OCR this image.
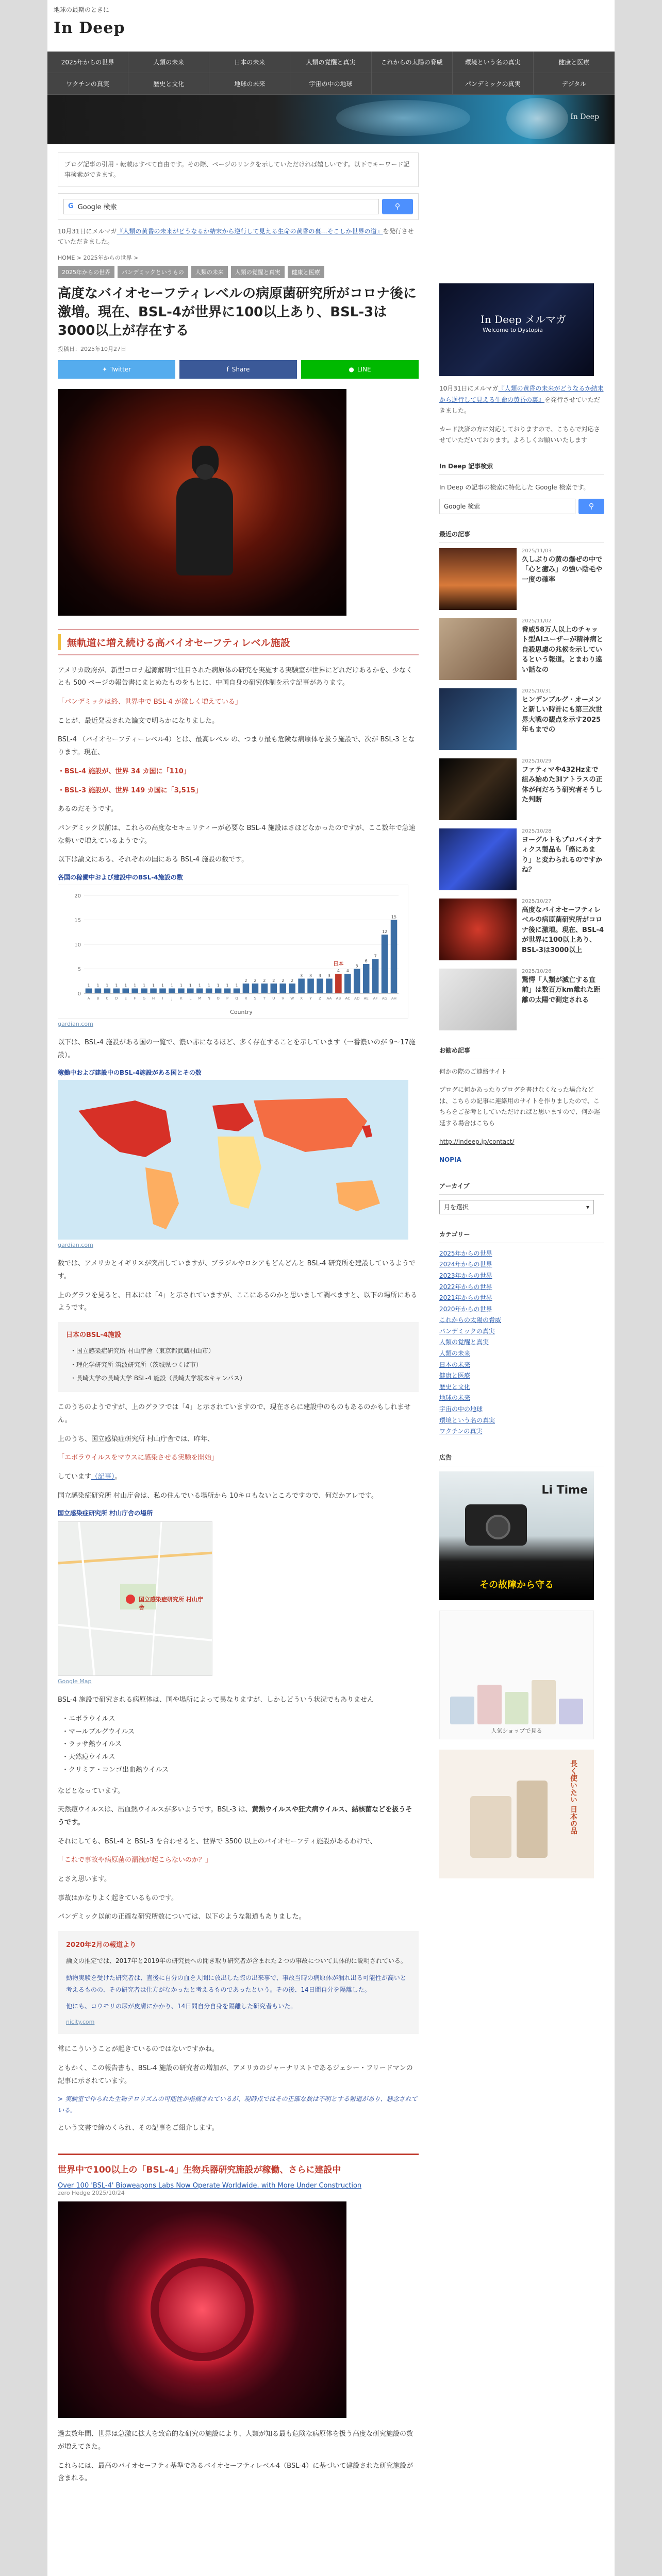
地球の最期のときに
In Deep
2025年からの世界	人類の未来	日本の未来	人類の覚醒と真実	これからの太陽の脅威	環境という名の真実	健康と医療
ワクチンの真実	歴史と文化	地球の未来	宇宙の中の地球	パンデミックの真実	デジタル
In Deep
ブログ記事の引用・転載はすべて自由です。その際、ページのリンクを示していただければ嬉しいです。以下でキーワード記事検索ができます。
G Google 検索	⚲
10月31日にメルマガ『人類の黄昏の未来がどうなるか結末から逆行して見える生命の黄昏の裏…そこしか世界の道』を発行させていただきました。
HOME > 2025年からの世界 >
2025年からの世界	パンデミックというもの	人類の未来	人類の覚醒と真実	健康と医療
高度なバイオセーフティレベルの病原菌研究所がコロナ後に激増。現在、BSL-4が世界に100以上あり、BSL-3は3000以上が存在する
投稿日：2025年10月27日
✦ Twitter	f Share	● LINE
無軌道に増え続ける高バイオセーフティレベル施設

アメリカ政府が、新型コロナ起源解明で注目された病原体の研究を実施する実験室が世界にどれだけあるかを、少なくとも 500 ページの報告書にまとめたものをもとに、中国自身の研究体制を示す記事があります。

「パンデミックは終、世界中で BSL-4 が激しく増えている」

ことが、最近発表された論文で明らかになりました。

BSL-4 （バイオセーフティーレベル4）とは、最高レベル の、つまり最も危険な病原体を扱う施設で、次が BSL-3 となります。現在、

・BSL-4 施設が、世界 34 カ国に「110」

・BSL-3 施設が、世界 149 カ国に「3,515」

あるのだそうです。

パンデミック以前は、これらの高度なセキュリティーが必要な BSL-4 施設はさほどなかったのですが、ここ数年で急速な勢いで増えているようです。

以下は論文にある、それぞれの国にある BSL-4 施設の数です。

各国の稼働中および建設中のBSL-4施設の数
0
5
10
15
20
1
A
1
B
1
C
1
D
1
E
1
F
1
G
1
H
1
I
1
J
1
K
1
L
1
M
1
N
1
O
1
P
1
Q
2
R
2
S
2
T
2
U
2
V
2
W
3
X
3
Y
3
Z
3
AA
4
AB
4
AC
5
AD
6
AE
7
AF
12
AG
15
AH
日本
Country
gardian.com

以下は、BSL-4 施設がある国の一覧で、濃い赤になるほど、多く存在することを示しています（一番濃いのが 9〜17施設）。

稼働中および建設中のBSL-4施設がある国とその数
gardian.com

数では、アメリカとイギリスが突出していますが、ブラジルやロシアもどんどんと BSL-4 研究所を建設しているようです。

上のグラフを見ると、日本には「4」と示されていますが、ここにあるのかと思いまして調べますと、以下の場所にあるようです。

日本のBSL-4施設
・国立感染症研究所 村山庁舎（東京都武蔵村山市）
・理化学研究所 筑波研究所（茨城県つくば市）
・長崎大学の長崎大学 BSL-4 施設（長崎大学坂本キャンパス）

このうちのようですが、上のグラフでは「4」と示されていますので、現在さらに建設中のものもあるのかもしれません。

上のうち、国立感染症研究所 村山庁舎では、昨年、

「エボラウイルスをマウスに感染させる実験を開始」

しています（記事）。

国立感染症研究所 村山庁舎は、私の住んでいる場所から 10キロもないところですので、何だかアレです。

国立感染症研究所 村山庁舎の場所
国立感染症研究所 村山庁舎
Google Map

BSL-4 施設で研究される病原体は、国や場所によって異なりますが、しかしどういう状況でもありません

・エボラウイルス
・マールブルグウイルス
・ラッサ熱ウイルス
・天然痘ウイルス
・クリミア・コンゴ出血熱ウイルス

などとなっています。

天然痘ウイルスは、出血熱ウイルスが多いようです。BSL-3 は、黄熱ウイルスや狂犬病ウイルス、結核菌などを扱うそうです。

それにしても、BSL-4 と BSL-3 を合わせると、世界で 3500 以上のバイオセーフティ施設があるわけで、

「これで事故や病原菌の漏洩が起こらないのか？」

とさえ思います。

事故はかなりよく起きているものです。

パンデミック以前の正確な研究所数については、以下のような報道もありました。

2020年2月の報道より
論文の推定では、2017年と2019年の研究員への聞き取り研究者が含まれた２つの事故について具体的に説明されている。
動物実験を受けた研究者は、直後に自分の血を人間に放出した際の出来事で、事故当時の病原体が漏れ出る可能性が高いと考えるものの、その研究者は仕方がなかったと考えるものであったという。その後、14日間自分を隔離した。
他にも、コウモリの尿が皮膚にかかり、14日間自分自身を隔離した研究者もいた。
nicity.com

常にこういうことが起きているのではないですかね。

ともかく、この報告書も、BSL-4 施設の研究者の増加が、アメリカのジャーナリストであるジェシー・フリードマンの記事に示されています。

> 実験室で作られた生物テロリズムの可能性が指摘されているが、現時点ではその正確な数は不明とする報道があり、懸念されている。

という文書で締めくられ、その記事をご紹介します。

世界中で100以上の「BSL-4」生物兵器研究施設が稼働、さらに建設中
Over 100 'BSL-4' Bioweapons Labs Now Operate Worldwide, with More Under Construction
zero Hedge 2025/10/24

過去数年間、世界は急激に拡大を致命的な研究の施設により、人類が知る最も危険な病原体を扱う高度な研究施設の数が増えてきた。

これらには、最高のバイオセーフティ基準であるバイオセーフティレベル4（BSL-4）に基づいて建設された研究施設が含まれる。

In Deep メルマガ
Welcome to Dystopia
10月31日にメルマガ『人類の黄昏の未来がどうなるか結末から逆行して見える生命の黄昏の裏』を発行させていただきました。
カード決済の方に対応しておりますので、こちらで対応させていただいております。よろしくお願いいたします
In Deep 記事検索
In Deep の記事の検索に特化した Google 検索です。
Google 検索	⚲
最近の記事
2025/11/03
久しぶりの黄の爆ぜの中で「心と癒み」の強い陰毛や一度の確率
2025/11/02
脅威58万人以上のチャット型AIユーザーが精神病と自殺思慮の兆候を示しているという報道。とまわり遠い話なの
2025/10/31
ヒンデンブルグ・オーメンと新しい時計にも第三次世界大戦の観点を示す2025年もまでの
2025/10/29
ファティマや432Hzまで組み始めた3Iアトラスの正体が何だろう研究者そうした判断
2025/10/28
ヨーグルトもプロバイオティクス製品も「癌にあまり」と変わられるのですかね？
2025/10/27
高度なバイオセーフティレベルの病原菌研究所がコロナ後に激増。現在、BSL-4が世界に100以上あり、BSL-3は3000以上
2025/10/26
驚愕「人類が滅亡する直前」は数百万km離れた距離の太陽で測定される
お勧め記事
何かの際のご連絡サイト
ブログに何かあったりブログを書けなくなった場合などは、こちらの記事に連絡用のサイトを作りましたので、こちらをご参考としていただければと思いますので、何か遅延する場合はこちら
http://indeep.jp/contact/
NOPIA
アーカイブ
月を選択	▾
カテゴリー
2025年からの世界
2024年からの世界
2023年からの世界
2022年からの世界
2021年からの世界
2020年からの世界
これからの太陽の脅威
パンデミックの真実
人類の覚醒と真実
人類の未来
日本の未来
健康と医療
歴史と文化
地球の未来
宇宙の中の地球
環境という名の真実
ワクチンの真実
広告
Li Time
その故障から守る
人気ショップで見る
長く使いたい 日本の品
